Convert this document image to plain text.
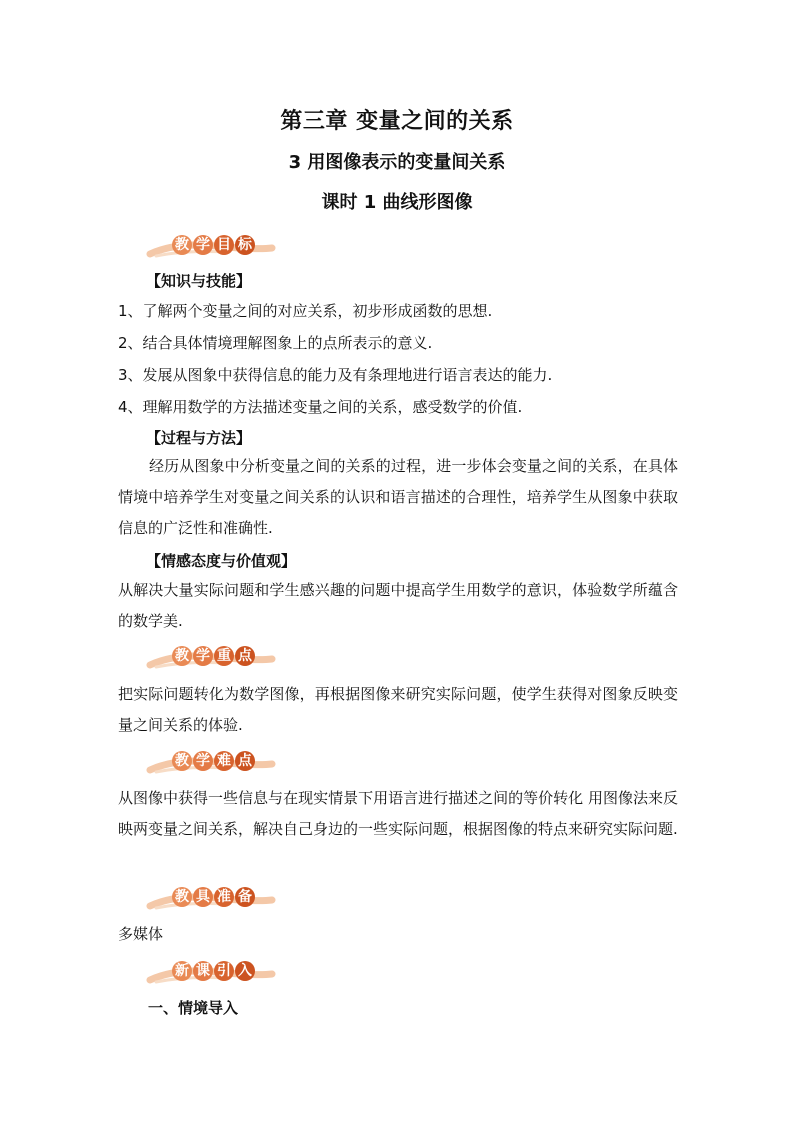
第三章 变量之间的关系
3 用图像表示的变量间关系
课时 1 曲线形图像
教 学 目 标
【知识与技能】
1、了解两个变量之间的对应关系，初步形成函数的思想.
2、结合具体情境理解图象上的点所表示的意义.
3、发展从图象中获得信息的能力及有条理地进行语言表达的能力.
4、理解用数学的方法描述变量之间的关系，感受数学的价值.
【过程与方法】
经历从图象中分析变量之间的关系的过程，进一步体会变量之间的关系，在具体情境中培养学生对变量之间关系的认识和语言描述的合理性，培养学生从图象中获取信息的广泛性和准确性.
【情感态度与价值观】
从解决大量实际问题和学生感兴趣的问题中提高学生用数学的意识，体验数学所蕴含的数学美.
教 学 重 点
把实际问题转化为数学图像，再根据图像来研究实际问题，使学生获得对图象反映变量之间关系的体验.
教 学 难 点
从图像中获得一些信息与在现实情景下用语言进行描述之间的等价转化 用图像法来反映两变量之间关系，解决自己身边的一些实际问题，根据图像的特点来研究实际问题.
教 具 准 备
多媒体
新 课 引 入
一、情境导入
